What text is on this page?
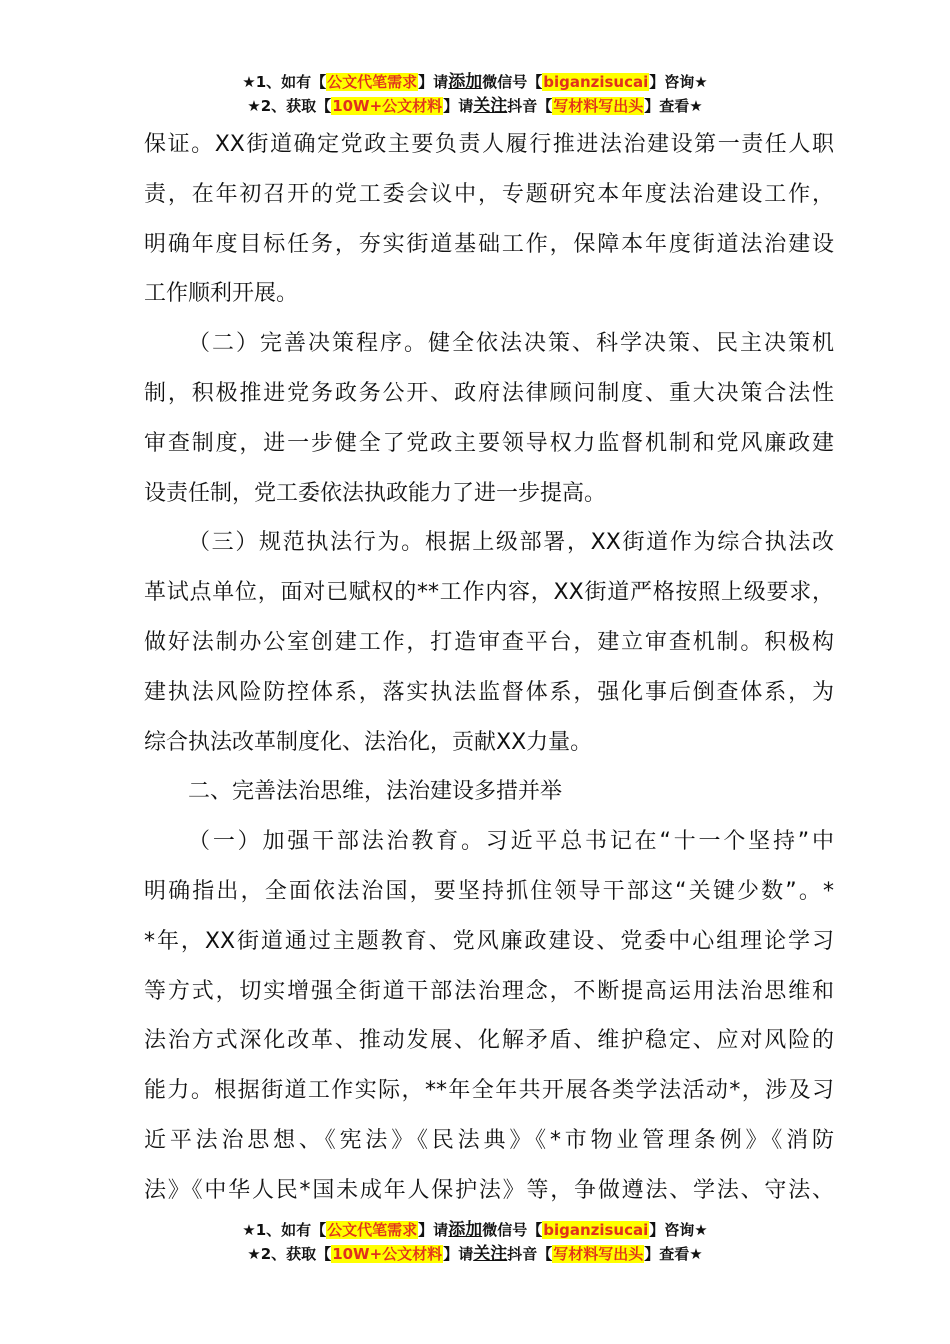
★1、如有【公文代笔需求】请添加微信号【biganzisucai】咨询★
★2、获取【10W+公文材料】请关注抖音【写材料写出头】查看★
保证。XX街道确定党政主要负责人履行推进法治建设第一责任人职
责，在年初召开的党工委会议中，专题研究本年度法治建设工作，
明确年度目标任务，夯实街道基础工作，保障本年度街道法治建设
工作顺利开展。
（二）完善决策程序。健全依法决策、科学决策、民主决策机
制，积极推进党务政务公开、政府法律顾问制度、重大决策合法性
审查制度，进一步健全了党政主要领导权力监督机制和党风廉政建
设责任制，党工委依法执政能力了进一步提高。
（三）规范执法行为。根据上级部署，XX街道作为综合执法改
革试点单位，面对已赋权的**工作内容，XX街道严格按照上级要求，
做好法制办公室创建工作，打造审查平台，建立审查机制。积极构
建执法风险防控体系，落实执法监督体系，强化事后倒查体系，为
综合执法改革制度化、法治化，贡献XX力量。
二、完善法治思维，法治建设多措并举
（一）加强干部法治教育。习近平总书记在“十一个坚持”中
明确指出，全面依法治国，要坚持抓住领导干部这“关键少数”。*
*年，XX街道通过主题教育、党风廉政建设、党委中心组理论学习
等方式，切实增强全街道干部法治理念，不断提高运用法治思维和
法治方式深化改革、推动发展、化解矛盾、维护稳定、应对风险的
能力。根据街道工作实际，**年全年共开展各类学法活动*，涉及习
近平法治思想、《宪法》《民法典》《*市物业管理条例》《消防
法》《中华人民*国未成年人保护法》等，争做遵法、学法、守法、
★1、如有【公文代笔需求】请添加微信号【biganzisucai】咨询★
★2、获取【10W+公文材料】请关注抖音【写材料写出头】查看★
